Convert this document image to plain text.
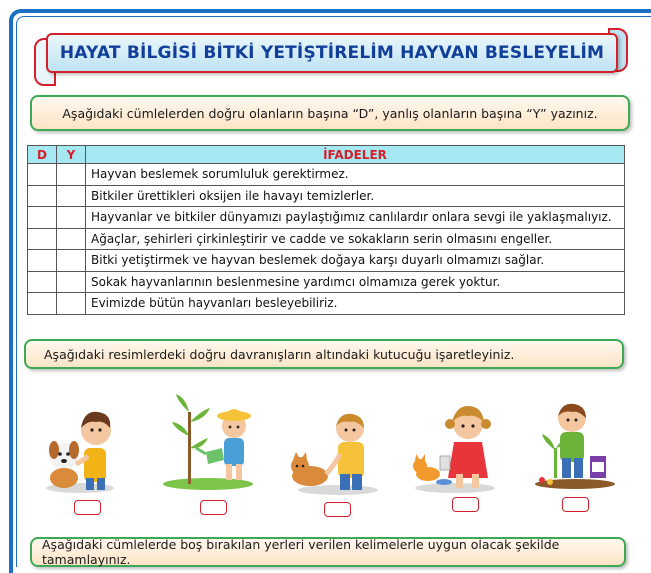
HAYAT BİLGİSİ BİTKİ YETİŞTİRELİM HAYVAN BESLEYELİM
Aşağıdaki cümlelerden doğru olanların başına “D”, yanlış olanların başına “Y” yazınız.
D	Y	İFADELER
		Hayvan beslemek sorumluluk gerektirmez.
		Bitkiler ürettikleri oksijen ile havayı temizlerler.
		Hayvanlar ve bitkiler dünyamızı paylaştığımız canlılardır onlara sevgi ile yaklaşmalıyız.
		Ağaçlar, şehirleri çirkinleştirir ve cadde ve sokakların serin olmasını engeller.
		Bitki yetiştirmek ve hayvan beslemek doğaya karşı duyarlı olmamızı sağlar.
		Sokak hayvanlarının beslenmesine yardımcı olmamıza gerek yoktur.
		Evimizde bütün hayvanları besleyebiliriz.
Aşağıdaki resimlerdeki doğru davranışların altındaki kutucuğu işaretleyiniz.
Aşağıdaki cümlelerde boş bırakılan yerleri verilen kelimelerle uygun olacak şekilde tamamlayınız.
